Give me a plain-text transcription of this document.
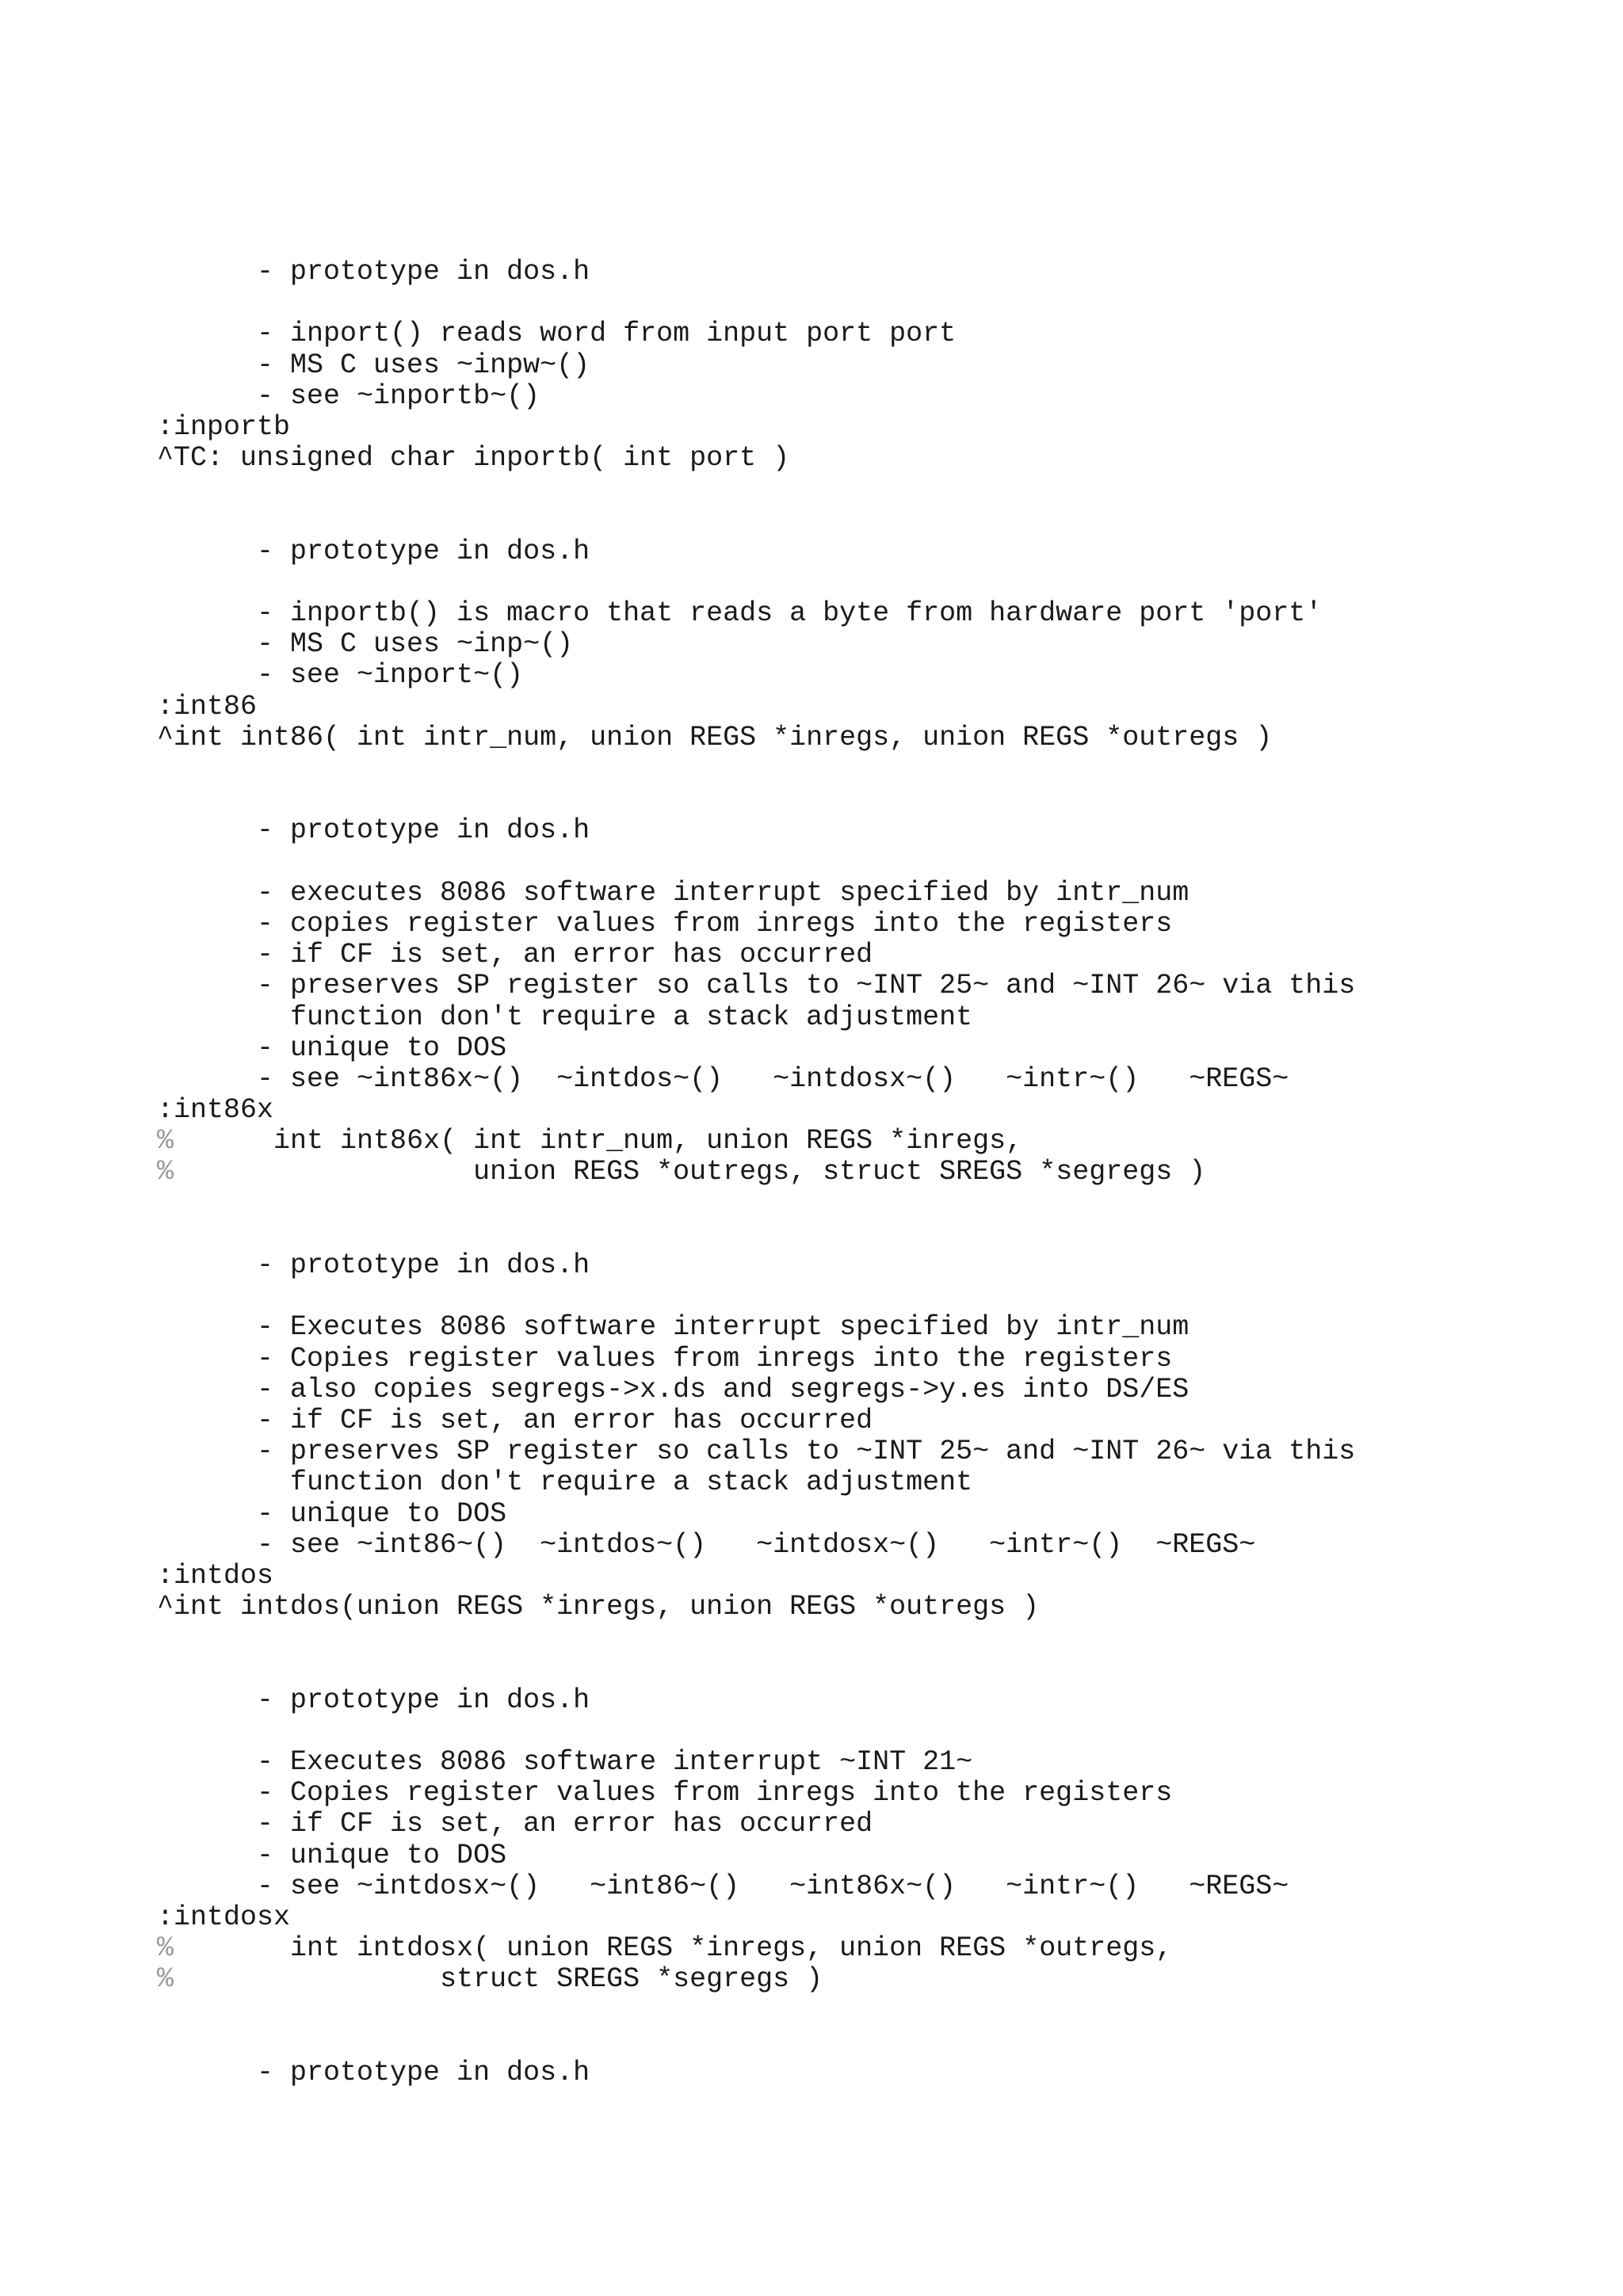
- prototype in dos.h
- inport() reads word from input port port
- MS C uses ~inpw~()
- see ~inportb~()
:inportb
^TC: unsigned char inportb( int port )
- prototype in dos.h
- inportb() is macro that reads a byte from hardware port 'port'
- MS C uses ~inp~()
- see ~inport~()
:int86
^int int86( int intr_num, union REGS *inregs, union REGS *outregs )
- prototype in dos.h
- executes 8086 software interrupt specified by intr_num
- copies register values from inregs into the registers
- if CF is set, an error has occurred
- preserves SP register so calls to ~INT 25~ and ~INT 26~ via this
function don't require a stack adjustment
- unique to DOS
- see ~int86x~()  ~intdos~()   ~intdosx~()   ~intr~()   ~REGS~
:int86x
%      int int86x( int intr_num, union REGS *inregs,
%                  union REGS *outregs, struct SREGS *segregs )
- prototype in dos.h
- Executes 8086 software interrupt specified by intr_num
- Copies register values from inregs into the registers
- also copies segregs->x.ds and segregs->y.es into DS/ES
- if CF is set, an error has occurred
- preserves SP register so calls to ~INT 25~ and ~INT 26~ via this
function don't require a stack adjustment
- unique to DOS
- see ~int86~()  ~intdos~()   ~intdosx~()   ~intr~()  ~REGS~
:intdos
^int intdos(union REGS *inregs, union REGS *outregs )
- prototype in dos.h
- Executes 8086 software interrupt ~INT 21~
- Copies register values from inregs into the registers
- if CF is set, an error has occurred
- unique to DOS
- see ~intdosx~()   ~int86~()   ~int86x~()   ~intr~()   ~REGS~
:intdosx
%       int intdosx( union REGS *inregs, union REGS *outregs,
%                struct SREGS *segregs )
- prototype in dos.h
